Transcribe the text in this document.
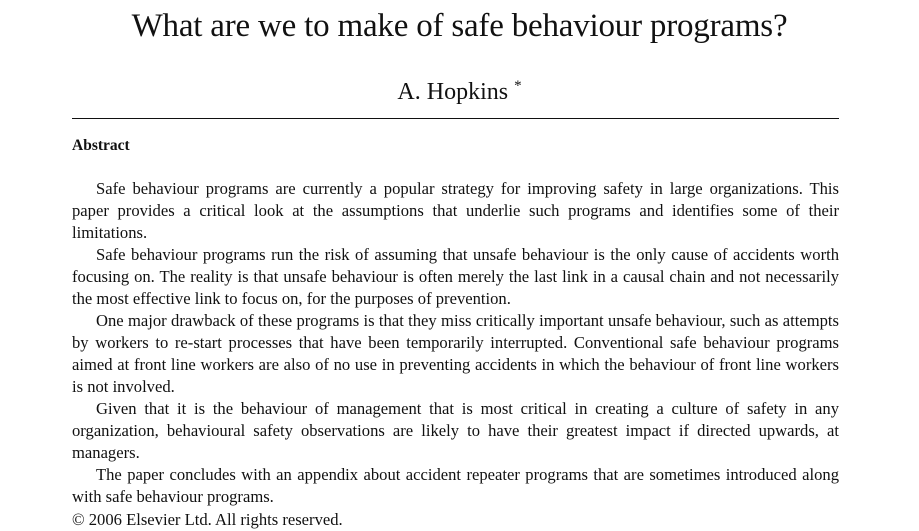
What are we to make of safe behaviour programs?
A. Hopkins *
Abstract

Safe behaviour programs are currently a popular strategy for improving safety in large organizations. This paper provides a critical look at the assumptions that underlie such programs and identifies some of their limitations.

Safe behaviour programs run the risk of assuming that unsafe behaviour is the only cause of accidents worth focusing on. The reality is that unsafe behaviour is often merely the last link in a causal chain and not necessarily the most effective link to focus on, for the purposes of prevention.

One major drawback of these programs is that they miss critically important unsafe behaviour, such as attempts by workers to re-start processes that have been temporarily interrupted. Conventional safe behaviour programs aimed at front line workers are also of no use in preventing accidents in which the behaviour of front line workers is not involved.

Given that it is the behaviour of management that is most critical in creating a culture of safety in any organization, behavioural safety observations are likely to have their greatest impact if directed upwards, at managers.

The paper concludes with an appendix about accident repeater programs that are sometimes introduced along with safe behaviour programs.

© 2006 Elsevier Ltd. All rights reserved.
